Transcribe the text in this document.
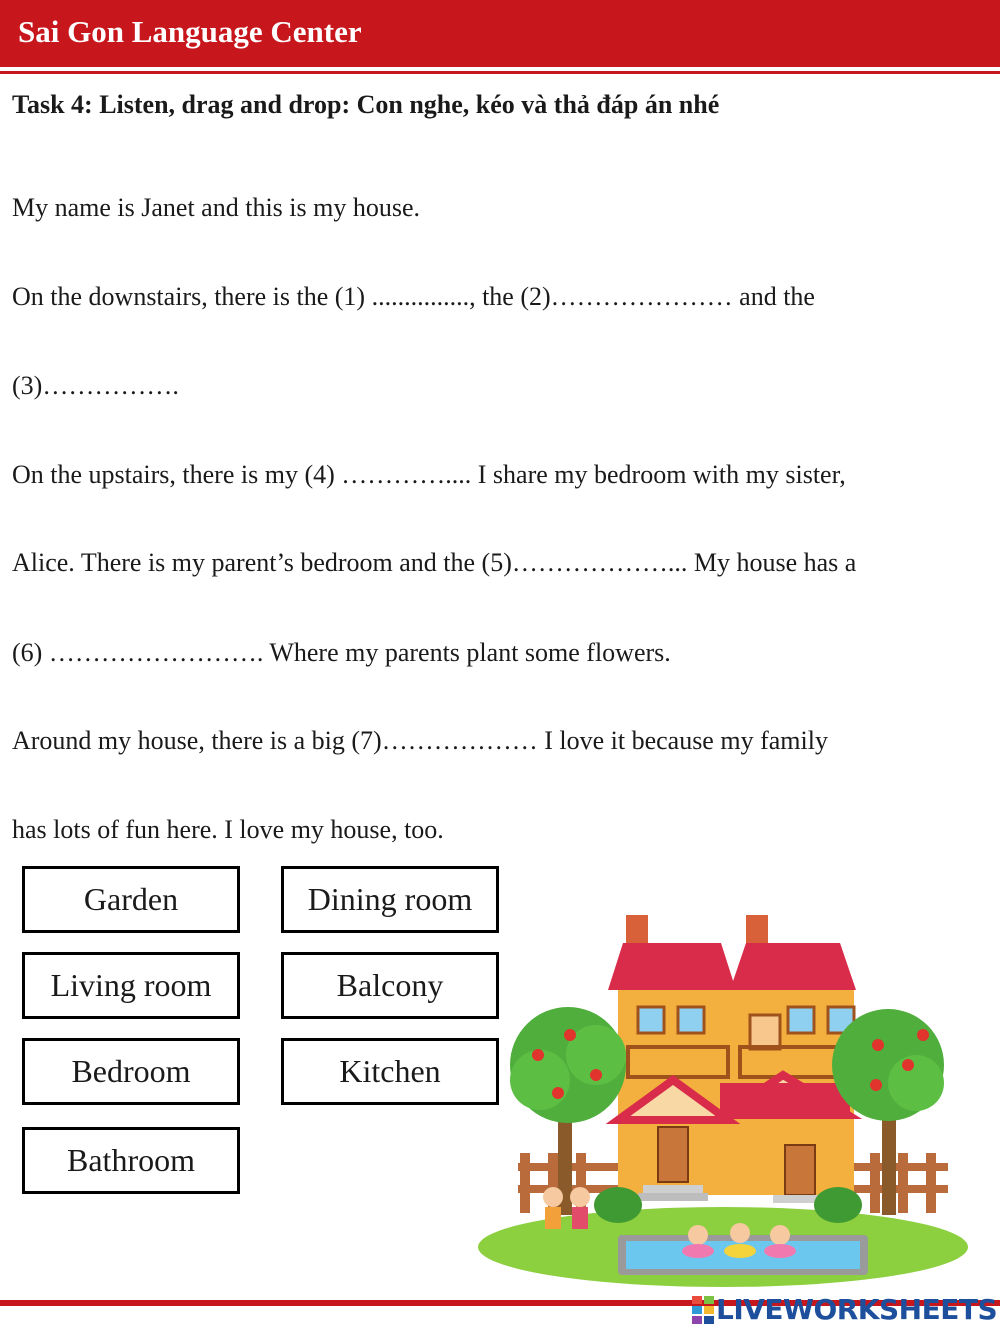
Sai Gon Language Center
Task 4: Listen, drag and drop: Con nghe, kéo và thả đáp án nhé
My name is Janet and this is my house.
On the downstairs, there is the (1) ..............., the (2)………………… and the
(3)…………….
On the upstairs, there is my (4) ………….... I share my bedroom with my sister,
Alice. There is my parent’s bedroom and the (5)………………... My house has a
(6) ……………………. Where my parents plant some flowers.
Around my house, there is a big (7)……………… I love it because my family
has lots of fun here. I love my house, too.
Garden	Dining room
Living room	Balcony
Bedroom	Kitchen
Bathroom
LIVEWORKSHEETS
